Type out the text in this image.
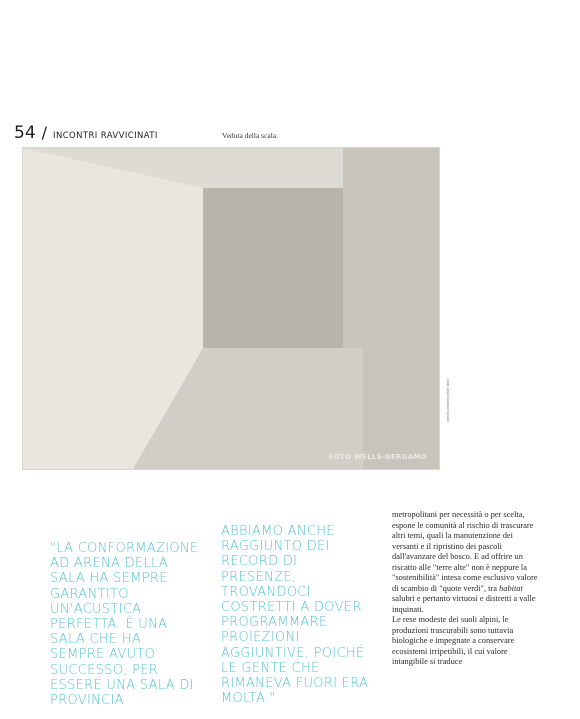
54 / INCONTRI RAVVICINATI	Veduta della scala.
FOTO WELLS-BERGAMO
(small rotated credit text)

"LA CONFORMAZIONE AD ARENA DELLA SALA HA SEMPRE GARANTITO UN'ACUSTICA PERFETTA. È UNA SALA CHE HA SEMPRE AVUTO SUCCESSO, PER ESSERE UNA SALA DI PROVINCIA

ABBIAMO ANCHE RAGGIUNTO DEI RECORD DI PRESENZE, TROVANDOCI COSTRETTI A DOVER PROGRAMMARE PROIEZIONI AGGIUNTIVE, POICHÉ LE GENTE CHE RIMANEVA FUORI ERA MOLTA."

metropolitani per necessità o per scelta, espone le comunità al rischio di trascurare altri temi, quali la manutenzione dei versanti e il ripristino dei pascoli dall'avanzare del bosco. E ad offrire un riscatto alle "terre alte" non è neppure la "sostenibilità" intesa come esclusivo valore di scambio di "quote verdi", tra habitat salubri e pertanto virtuosi e distretti a valle inquinati.

Le rese modeste dei suoli alpini, le produzioni trascurabili sono tuttavia biologiche e impegnate a conservare ecosistemi irripetibili, il cui valore intangibile si traduce
